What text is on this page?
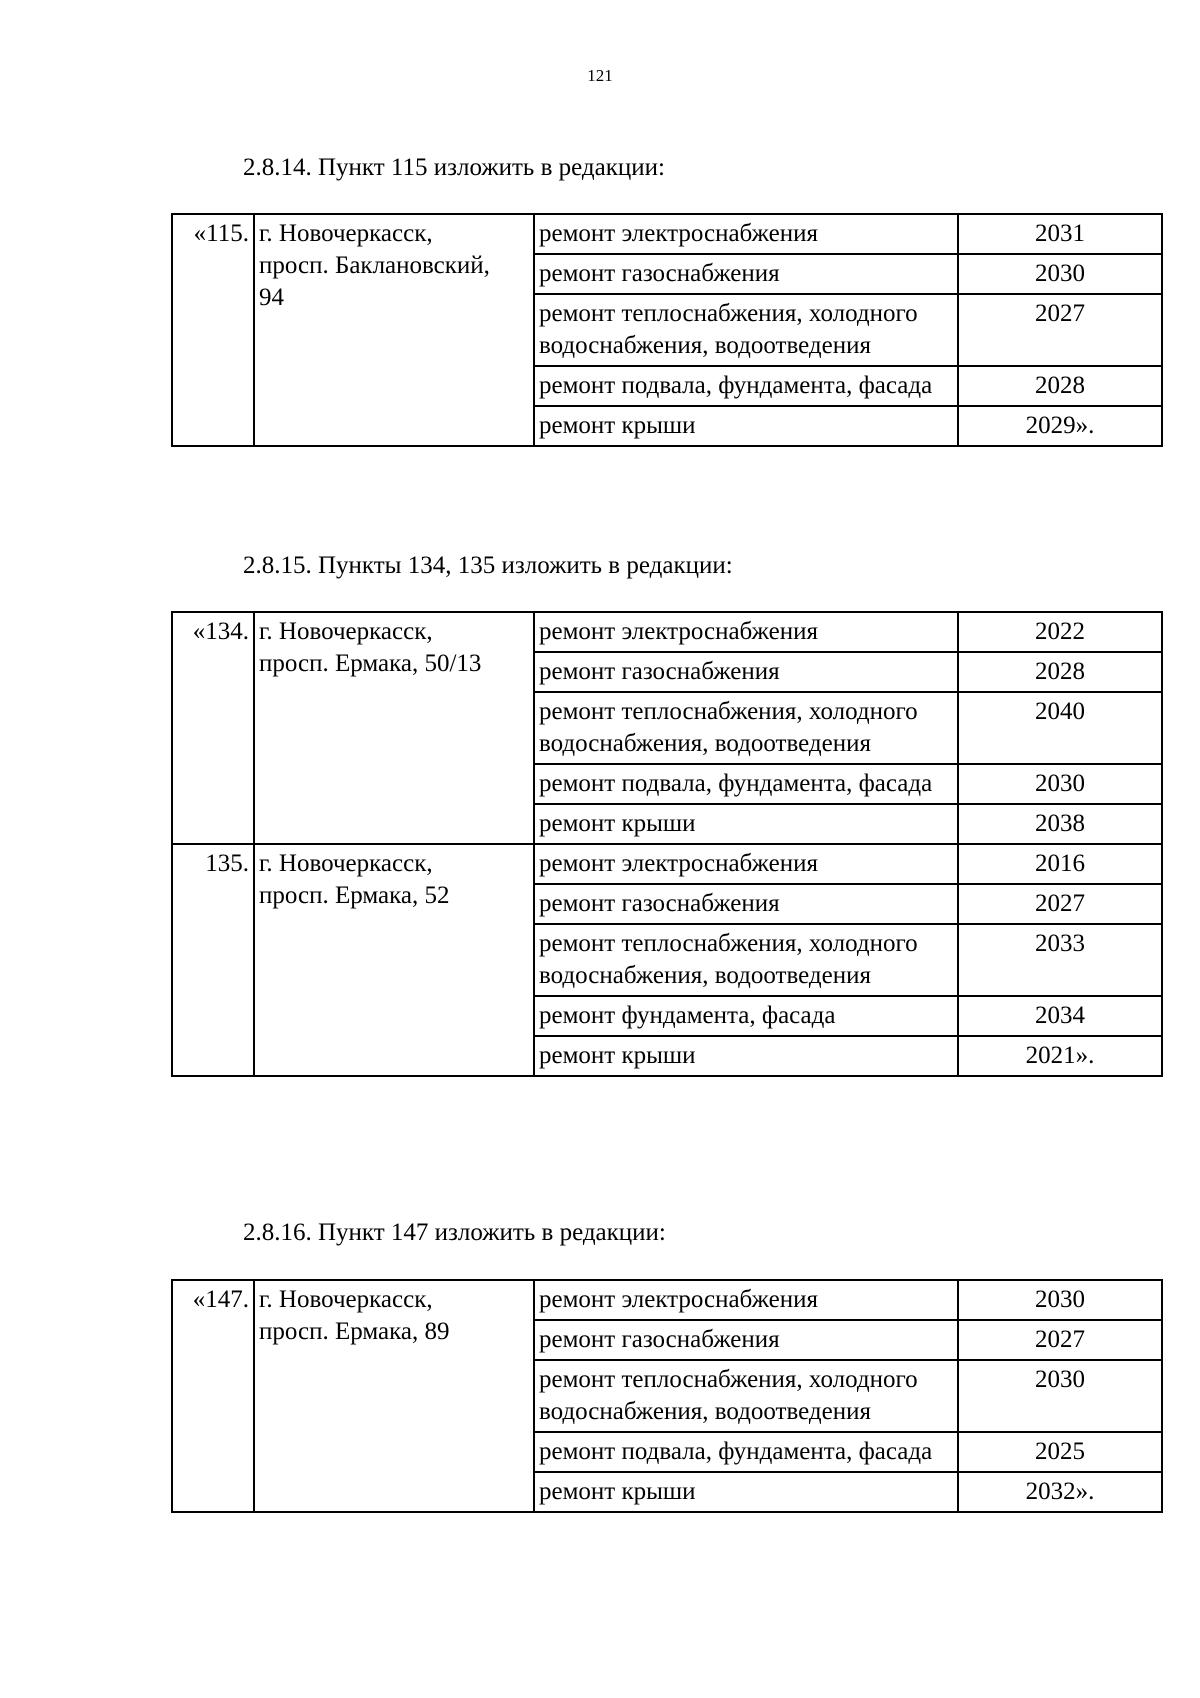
121
2.8.14. Пункт 115 изложить в редакции:
«115.	г. Новочеркасск,
просп. Баклановский,
94	ремонт электроснабжения	2031
		ремонт газоснабжения	2030
		ремонт теплоснабжения, холодного водоснабжения, водоотведения	2027
		ремонт подвала, фундамента, фасада	2028
		ремонт крыши	2029».
2.8.15. Пункты 134, 135 изложить в редакции:
«134.	г. Новочеркасск,
просп. Ермака, 50/13	ремонт электроснабжения	2022
		ремонт газоснабжения	2028
		ремонт теплоснабжения, холодного водоснабжения, водоотведения	2040
		ремонт подвала, фундамента, фасада	2030
		ремонт крыши	2038
135.	г. Новочеркасск,
просп. Ермака, 52	ремонт электроснабжения	2016
		ремонт газоснабжения	2027
		ремонт теплоснабжения, холодного водоснабжения, водоотведения	2033
		ремонт фундамента, фасада	2034
		ремонт крыши	2021».
2.8.16. Пункт 147 изложить в редакции:
«147.	г. Новочеркасск,
просп. Ермака, 89	ремонт электроснабжения	2030
		ремонт газоснабжения	2027
		ремонт теплоснабжения, холодного водоснабжения, водоотведения	2030
		ремонт подвала, фундамента, фасада	2025
		ремонт крыши	2032».
